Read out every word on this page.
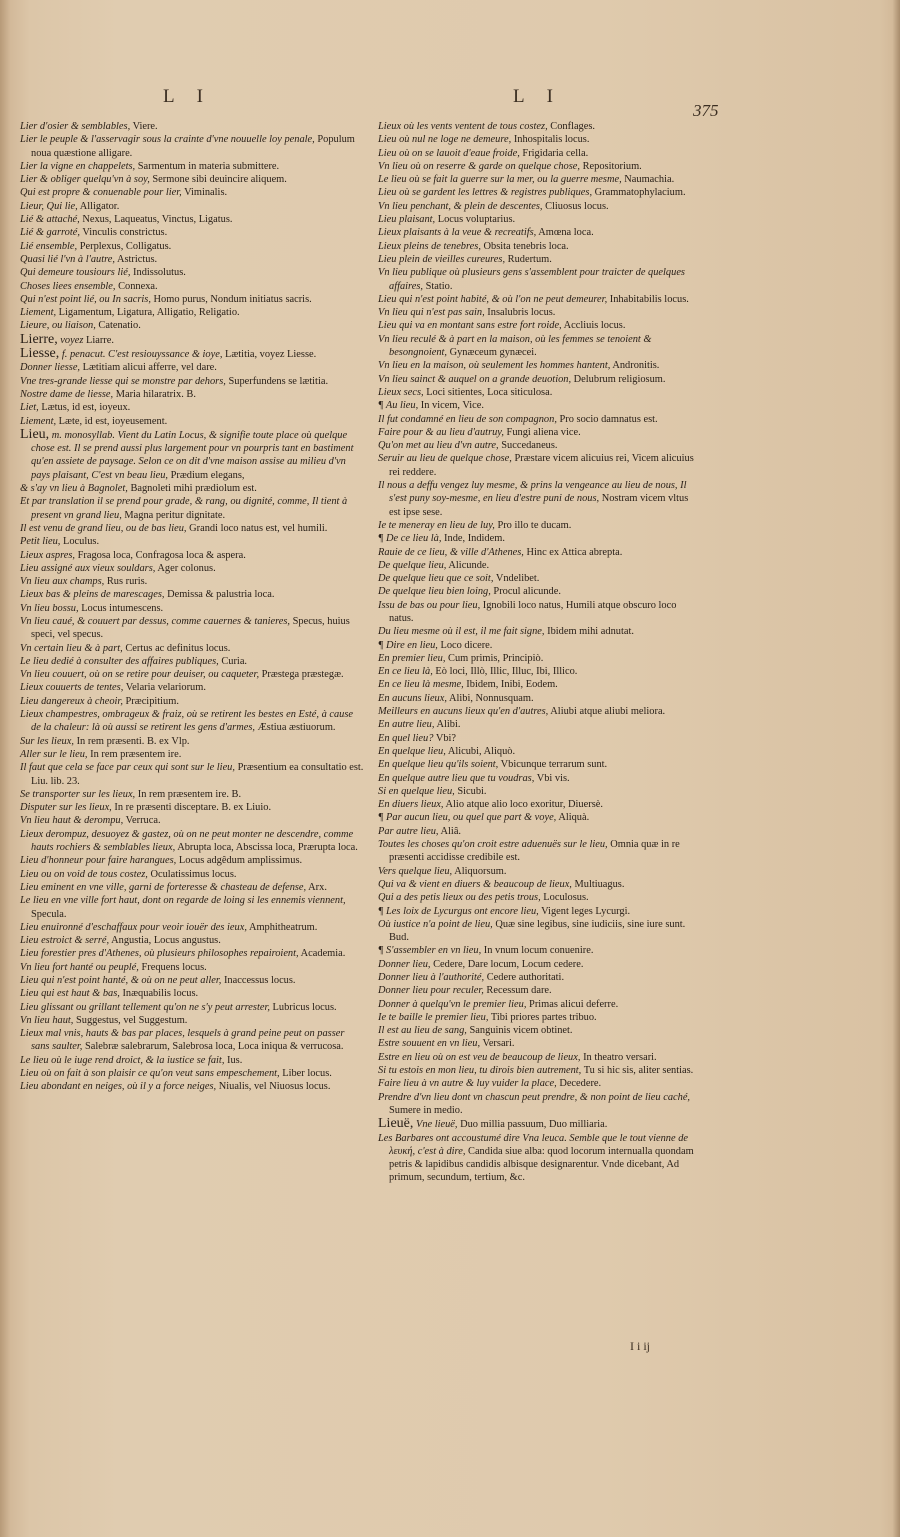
L I	L I
375

Lier d'osier & semblables, Viere.

Lier le peuple & l'asservagir sous la crainte d'vne nouuelle loy penale, Populum noua quæstione alligare.

Lier la vigne en chappelets, Sarmentum in materia submittere.

Lier & obliger quelqu'vn à soy, Sermone sibi deuincire aliquem.

Qui est propre & conuenable pour lier, Viminalis.

Lieur, Qui lie, Alligator.

Lié & attaché, Nexus, Laqueatus, Vinctus, Ligatus.

Lié & garroté, Vinculis constrictus.

Lié ensemble, Perplexus, Colligatus.

Quasi lié l'vn à l'autre, Astrictus.

Qui demeure tousiours lié, Indissolutus.

Choses liees ensemble, Connexa.

Qui n'est point lié, ou In sacris, Homo purus, Nondum initiatus sacris.

Liement, Ligamentum, Ligatura, Alligatio, Religatio.

Lieure, ou liaison, Catenatio.

Lierre, voyez Liarre.

Liesse, f. penacut. C'est resiouyssance & ioye, Lætitia, voyez Liesse.

Donner liesse, Lætitiam alicui afferre, vel dare.

Vne tres-grande liesse qui se monstre par dehors, Superfundens se lætitia.

Nostre dame de liesse, Maria hilaratrix. B.

Liet, Lætus, id est, ioyeux.

Liement, Læte, id est, ioyeusement.

Lieu, m. monosyllab. Vient du Latin Locus, & signifie toute place où quelque chose est. Il se prend aussi plus largement pour vn pourpris tant en bastiment qu'en assiete de paysage. Selon ce on dit d'vne maison assise au milieu d'vn pays plaisant, C'est vn beau lieu, Prædium elegans,

& s'ay vn lieu à Bagnolet, Bagnoleti mihi prædiolum est.

Et par translation il se prend pour grade, & rang, ou dignité, comme, Il tient à present vn grand lieu, Magna peritur dignitate.

Il est venu de grand lieu, ou de bas lieu, Grandi loco natus est, vel humili.

Petit lieu, Loculus.

Lieux aspres, Fragosa loca, Confragosa loca & aspera.

Lieu assigné aux vieux souldars, Ager colonus.

Vn lieu aux champs, Rus ruris.

Lieux bas & pleins de marescages, Demissa & palustria loca.

Vn lieu bossu, Locus intumescens.

Vn lieu caué, & couuert par dessus, comme cauernes & tanieres, Specus, huius speci, vel specus.

Vn certain lieu & à part, Certus ac definitus locus.

Le lieu dedié à consulter des affaires publiques, Curia.

Vn lieu couuert, où on se retire pour deuiser, ou caqueter, Præstega præstegæ.

Lieux couuerts de tentes, Velaria velariorum.

Lieu dangereux à cheoir, Præcipitium.

Lieux champestres, ombrageux & fraiz, où se retirent les bestes en Esté, à cause de la chaleur: là où aussi se retirent les gens d'armes, Æstiua æstiuorum.

Sur les lieux, In rem præsenti. B. ex Vlp.

Aller sur le lieu, In rem præsentem ire.

Il faut que cela se face par ceux qui sont sur le lieu, Præsentium ea consultatio est. Liu. lib. 23.

Se transporter sur les lieux, In rem præsentem ire. B.

Disputer sur les lieux, In re præsenti disceptare. B. ex Liuio.

Vn lieu haut & derompu, Verruca.

Lieux derompuz, desuoyez & gastez, où on ne peut monter ne descendre, comme hauts rochiers & semblables lieux, Abrupta loca, Abscissa loca, Prærupta loca.

Lieu d'honneur pour faire harangues, Locus adgêdum amplissimus.

Lieu ou on void de tous costez, Oculatissimus locus.

Lieu eminent en vne ville, garni de forteresse & chasteau de defense, Arx.

Le lieu en vne ville fort haut, dont on regarde de loing si les ennemis viennent, Specula.

Lieu enuironné d'eschaffaux pour veoir iouër des ieux, Amphitheatrum.

Lieu estroict & serré, Angustia, Locus angustus.

Lieu forestier pres d'Athenes, où plusieurs philosophes repairoient, Academia.

Vn lieu fort hanté ou peuplé, Frequens locus.

Lieu qui n'est point hanté, & où on ne peut aller, Inaccessus locus.

Lieu qui est haut & bas, Inæquabilis locus.

Lieu glissant ou grillant tellement qu'on ne s'y peut arrester, Lubricus locus.

Vn lieu haut, Suggestus, vel Suggestum.

Lieux mal vnis, hauts & bas par places, lesquels à grand peine peut on passer sans saulter, Salebræ salebrarum, Salebrosa loca, Loca iniqua & verrucosa.

Le lieu où le iuge rend droict, & la iustice se fait, Ius.

Lieu où on fait à son plaisir ce qu'on veut sans empeschement, Liber locus.

Lieu abondant en neiges, où il y a force neiges, Niualis, vel Niuosus locus.

Lieux où les vents ventent de tous costez, Conflages.

Lieu où nul ne loge ne demeure, Inhospitalis locus.

Lieu où on se lauoit d'eaue froide, Frigidaria cella.

Vn lieu où on reserre & garde on quelque chose, Repositorium.

Le lieu où se fait la guerre sur la mer, ou la guerre mesme, Naumachia.

Lieu où se gardent les lettres & registres publiques, Grammatophylacium.

Vn lieu penchant, & plein de descentes, Cliuosus locus.

Lieu plaisant, Locus voluptarius.

Lieux plaisants à la veue & recreatifs, Amœna loca.

Lieux pleins de tenebres, Obsita tenebris loca.

Lieu plein de vieilles cureures, Rudertum.

Vn lieu publique où plusieurs gens s'assemblent pour traicter de quelques affaires, Statio.

Lieu qui n'est point habité, & où l'on ne peut demeurer, Inhabitabilis locus.

Vn lieu qui n'est pas sain, Insalubris locus.

Lieu qui va en montant sans estre fort roide, Accliuis locus.

Vn lieu reculé & à part en la maison, où les femmes se tenoient & besongnoient, Gynæceum gynæcei.

Vn lieu en la maison, où seulement les hommes hantent, Andronitis.

Vn lieu sainct & auquel on a grande deuotion, Delubrum religiosum.

Lieux secs, Loci sitientes, Loca siticulosa.

¶ Au lieu, In vicem, Vice.

Il fut condamné en lieu de son compagnon, Pro socio damnatus est.

Faire pour & au lieu d'autruy, Fungi aliena vice.

Qu'on met au lieu d'vn autre, Succedaneus.

Seruir au lieu de quelque chose, Præstare vicem alicuius rei, Vicem alicuius rei reddere.

Il nous a deffu vengez luy mesme, & prins la vengeance au lieu de nous, Il s'est puny soy-mesme, en lieu d'estre puni de nous, Nostram vicem vltus est ipse sese.

Ie te meneray en lieu de luy, Pro illo te ducam.

¶ De ce lieu là, Inde, Indidem.

Rauie de ce lieu, & ville d'Athenes, Hinc ex Attica abrepta.

De quelque lieu, Alicunde.

De quelque lieu que ce soit, Vndelibet.

De quelque lieu bien loing, Procul alicunde.

Issu de bas ou pour lieu, Ignobili loco natus, Humili atque obscuro loco natus.

Du lieu mesme où il est, il me fait signe, Ibidem mihi adnutat.

¶ Dire en lieu, Loco dicere.

En premier lieu, Cum primis, Principiò.

En ce lieu là, Eò loci, Illò, Illic, Illuc, Ibi, Illico.

En ce lieu là mesme, Ibidem, Inibi, Eodem.

En aucuns lieux, Alibi, Nonnusquam.

Meilleurs en aucuns lieux qu'en d'autres, Aliubi atque aliubi meliora.

En autre lieu, Alibi.

En quel lieu? Vbi?

En quelque lieu, Alicubi, Aliquò.

En quelque lieu qu'ils soient, Vbicunque terrarum sunt.

En quelque autre lieu que tu voudras, Vbi vis.

Si en quelque lieu, Sicubi.

En diuers lieux, Alio atque alio loco exoritur, Diuersè.

¶ Par aucun lieu, ou quel que part & voye, Aliquà.

Par autre lieu, Aliâ.

Toutes les choses qu'on croit estre aduenuës sur le lieu, Omnia quæ in re præsenti accidisse credibile est.

Vers quelque lieu, Aliquorsum.

Qui va & vient en diuers & beaucoup de lieux, Multiuagus.

Qui a des petis lieux ou des petis trous, Loculosus.

¶ Les loix de Lycurgus ont encore lieu, Vigent leges Lycurgi.

Où iustice n'a point de lieu, Quæ sine legibus, sine iudiciis, sine iure sunt. Bud.

¶ S'assembler en vn lieu, In vnum locum conuenire.

Donner lieu, Cedere, Dare locum, Locum cedere.

Donner lieu à l'authorité, Cedere authoritati.

Donner lieu pour reculer, Recessum dare.

Donner à quelqu'vn le premier lieu, Primas alicui deferre.

Ie te baille le premier lieu, Tibi priores partes tribuo.

Il est au lieu de sang, Sanguinis vicem obtinet.

Estre souuent en vn lieu, Versari.

Estre en lieu où on est veu de beaucoup de lieux, In theatro versari.

Si tu estois en mon lieu, tu dirois bien autrement, Tu si hic sis, aliter sentias.

Faire lieu à vn autre & luy vuider la place, Decedere.

Prendre d'vn lieu dont vn chascun peut prendre, & non point de lieu caché, Sumere in medio.

Lieuë, Vne lieuë, Duo millia passuum, Duo milliaria.

Les Barbares ont accoustumé dire Vna leuca. Semble que le tout vienne de λευκή, c'est à dire, Candida siue alba: quod locorum internualla quondam petris & lapidibus candidis albisque designarentur. Vnde dicebant, Ad primum, secundum, tertium, &c.

I i ij
